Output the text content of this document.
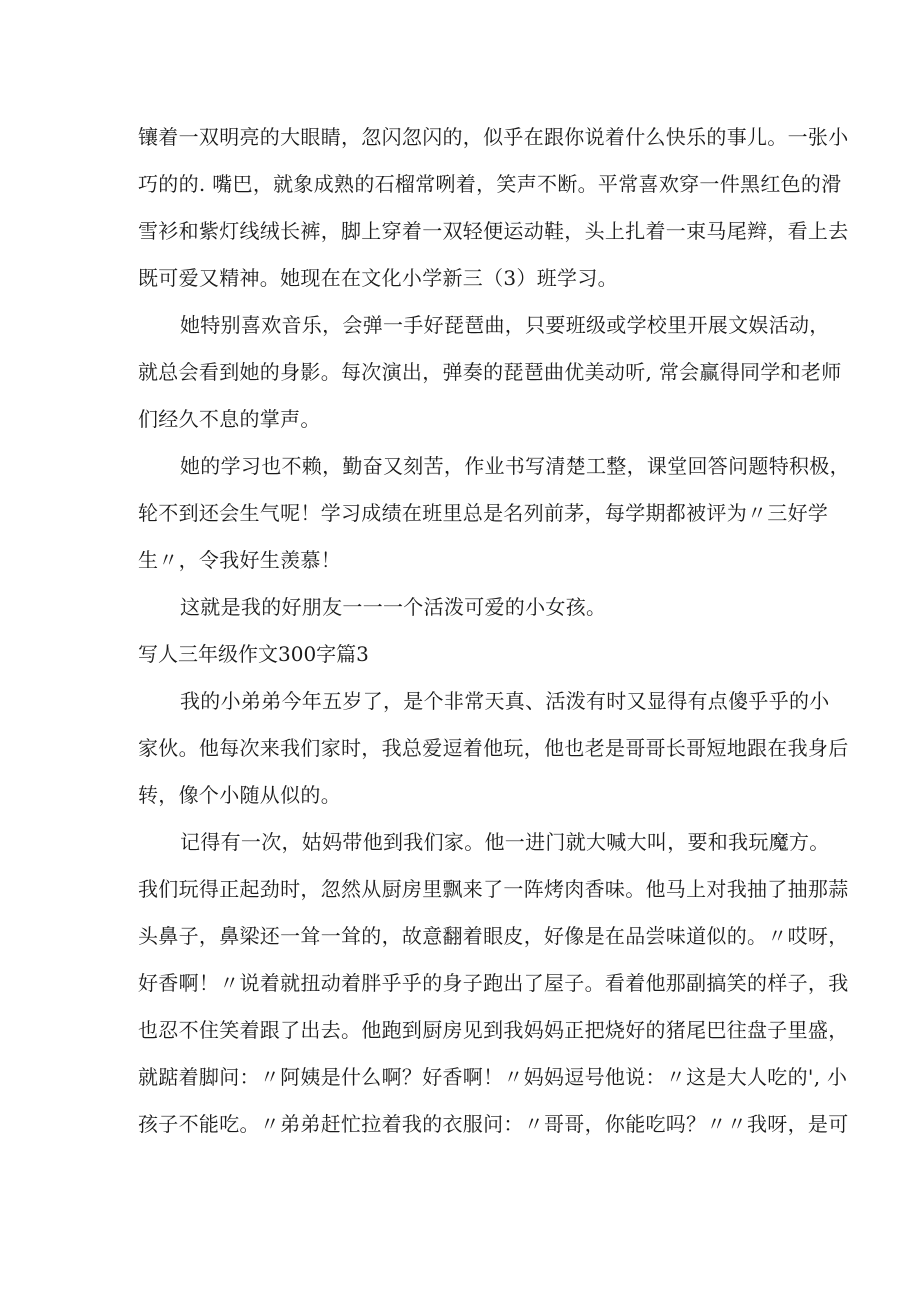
镶着一双明亮的大眼睛，忽闪忽闪的，似乎在跟你说着什么快乐的事儿。一张小
巧的的. 嘴巴，就象成熟的石榴常咧着，笑声不断。平常喜欢穿一件黑红色的滑
雪衫和紫灯线绒长裤，脚上穿着一双轻便运动鞋，头上扎着一束马尾辫，看上去
既可爱又精神。她现在在文化小学新三（3）班学习。

她特别喜欢音乐，会弹一手好琵琶曲，只要班级或学校里开展文娱活动，
就总会看到她的身影。每次演出，弹奏的琵琶曲优美动听, 常会赢得同学和老师
们经久不息的掌声。

她的学习也不赖，勤奋又刻苦，作业书写清楚工整，课堂回答问题特积极，
轮不到还会生气呢！学习成绩在班里总是名列前茅，每学期都被评为〃三好学
生〃，令我好生羡慕！

这就是我的好朋友一一一个活泼可爱的小女孩。

写人三年级作文300字篇3

我的小弟弟今年五岁了，是个非常天真、活泼有时又显得有点傻乎乎的小
家伙。他每次来我们家时，我总爱逗着他玩，他也老是哥哥长哥短地跟在我身后
转，像个小随从似的。

记得有一次，姑妈带他到我们家。他一进门就大喊大叫，要和我玩魔方。
我们玩得正起劲时，忽然从厨房里飘来了一阵烤肉香味。他马上对我抽了抽那蒜
头鼻子，鼻梁还一耸一耸的，故意翻着眼皮，好像是在品尝味道似的。〃哎呀，
好香啊！〃说着就扭动着胖乎乎的身子跑出了屋子。看着他那副搞笑的样子，我
也忍不住笑着跟了出去。他跑到厨房见到我妈妈正把烧好的猪尾巴往盘子里盛，
就踮着脚问：〃阿姨是什么啊？好香啊！〃妈妈逗号他说：〃这是大人吃的', 小
孩子不能吃。〃弟弟赶忙拉着我的衣服问：〃哥哥，你能吃吗？〃〃我呀，是可
